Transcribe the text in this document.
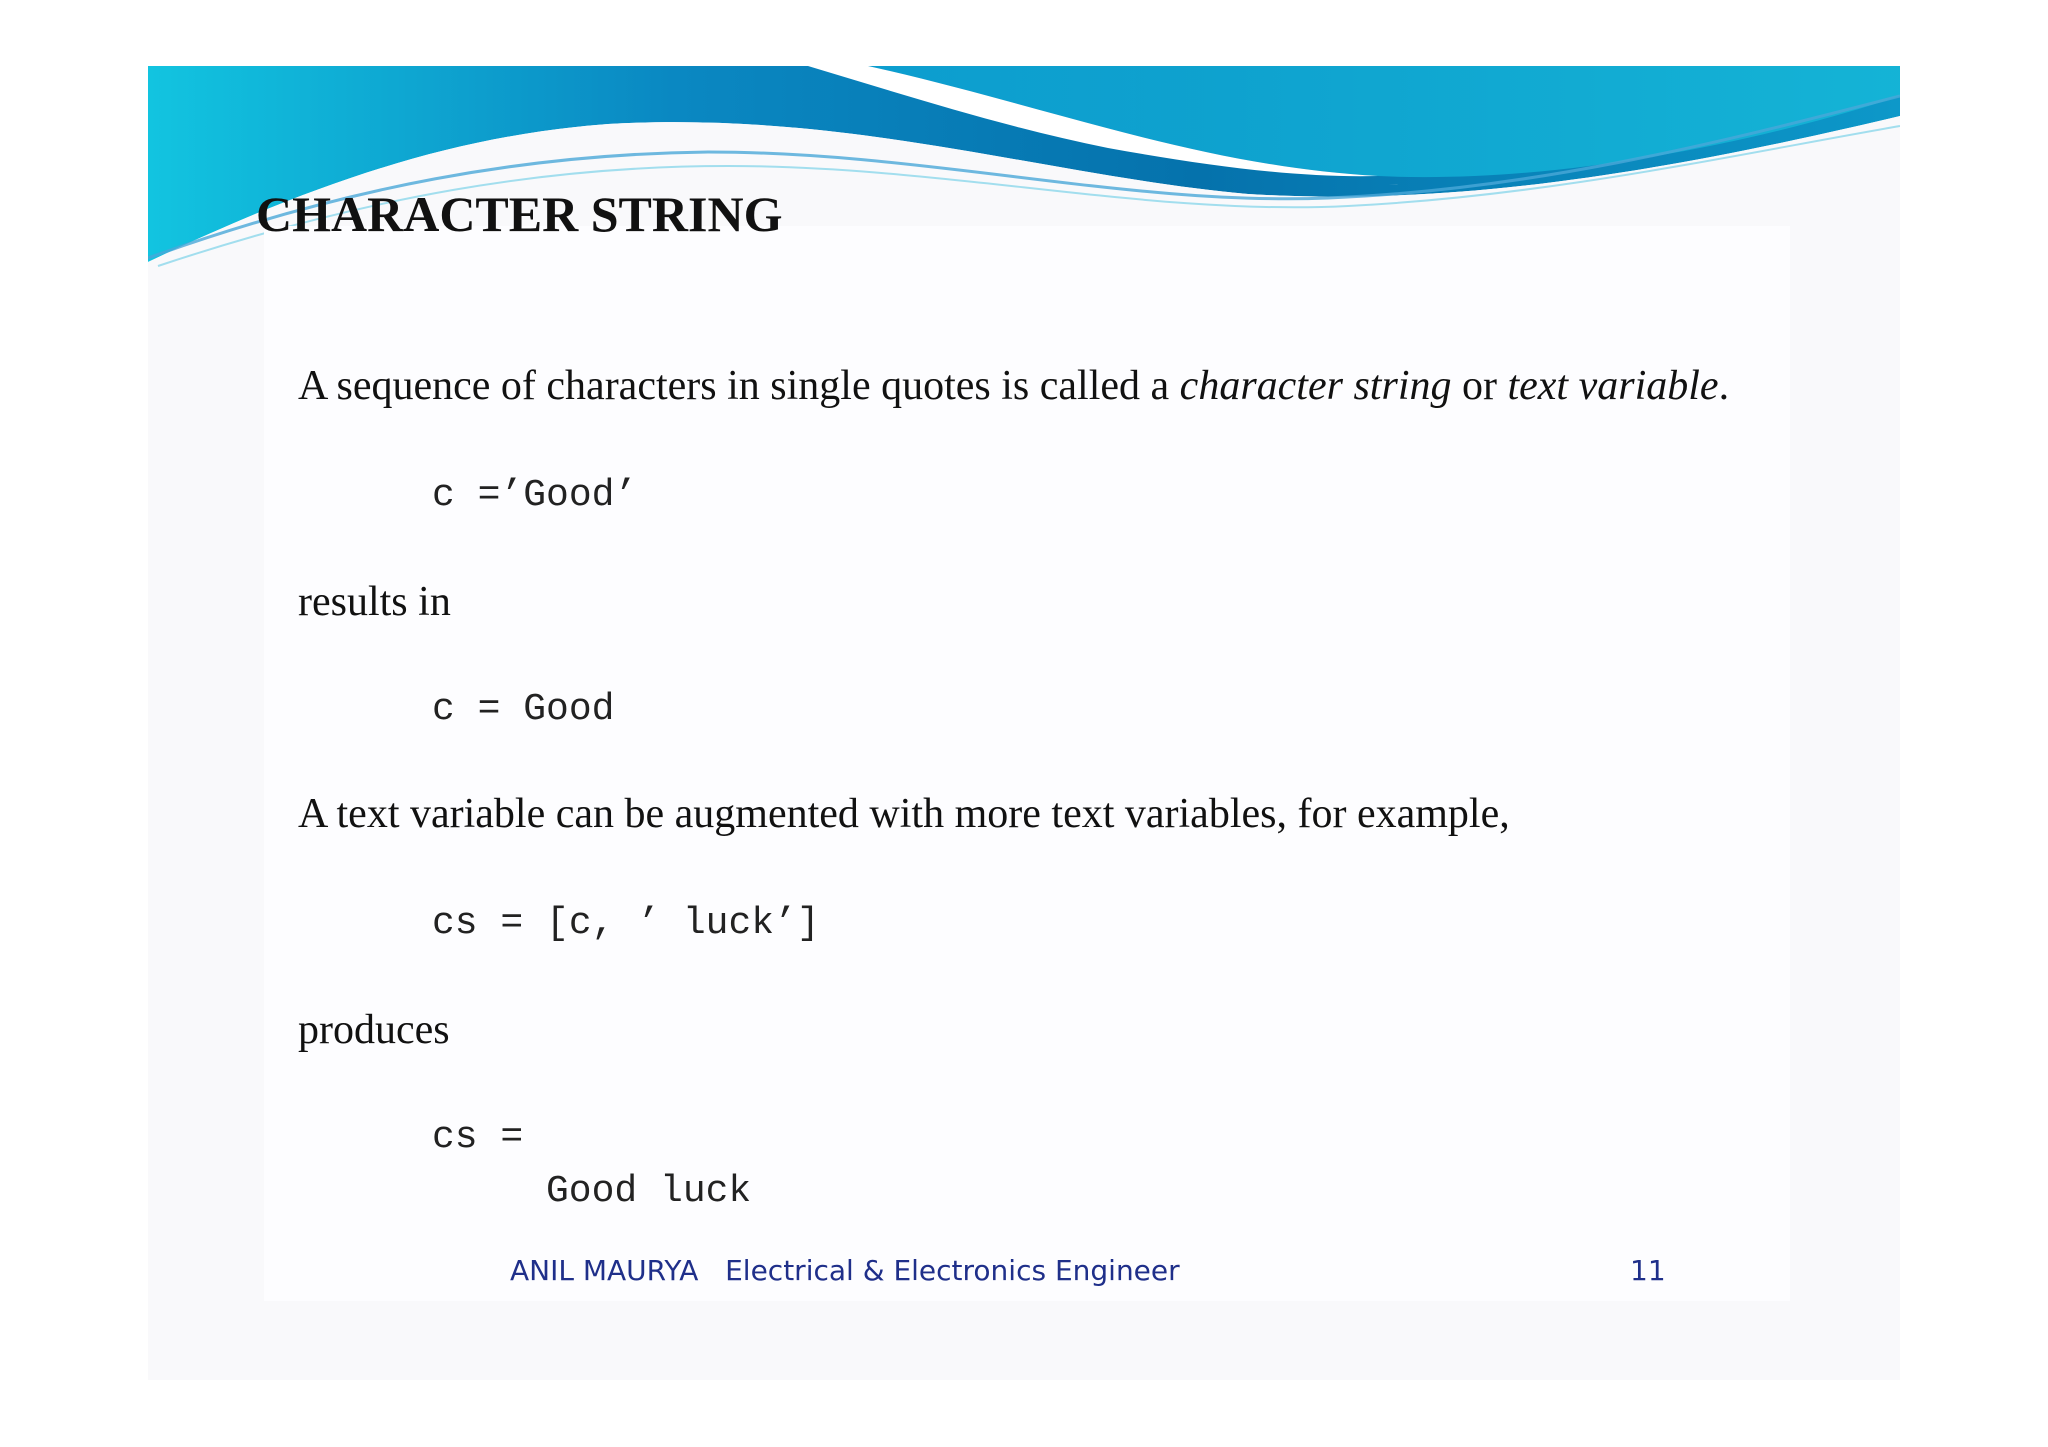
CHARACTER STRING
A sequence of characters in single quotes is called a character string or text variable.
c =’Good’
results in
c = Good
A text variable can be augmented with more text variables, for example,
cs = [c, ’ luck’]
produces
cs =
Good luck
ANIL MAURYA   Electrical & Electronics Engineer	11
